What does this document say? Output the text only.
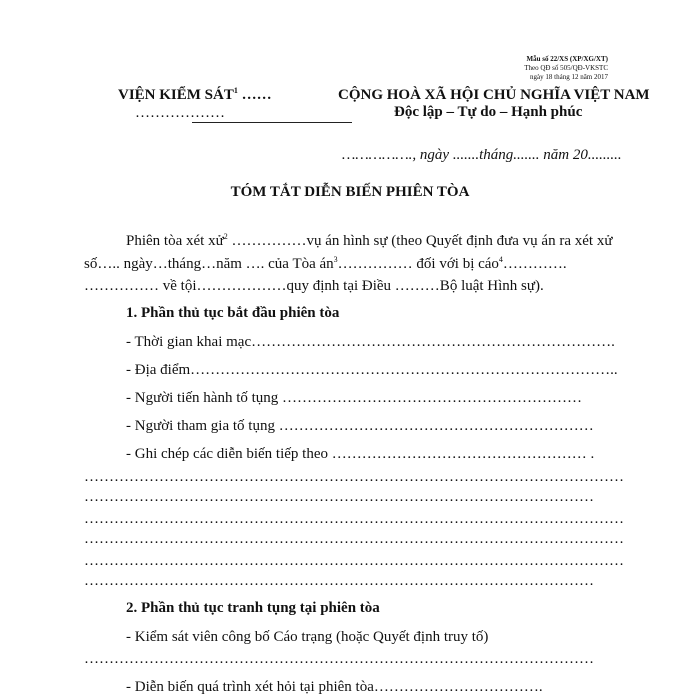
Mẫu số 22/XS (XP/XG/XT)
Theo QĐ số 505/QĐ-VKSTC
ngày 18 tháng 12 năm 2017
VIỆN KIỂM SÁT$^1$ ……
………………
CỘNG HOÀ XÃ HỘI CHỦ NGHĨA VIỆT NAM
Độc lập – Tự do – Hạnh phúc
……………., ngày .......tháng....... năm 20.........
TÓM TẮT DIỄN BIẾN PHIÊN TÒA
Phiên tòa xét xử$^2$ ……………vụ án hình sự (theo Quyết định đưa vụ án ra xét xử
số….. ngày…tháng…năm …. của Tòa $án^3\dots\dots\dots\dots\dots$ đối với bị cáo$^4$………….
…………… về tội………………quy định tại Điều ………Bộ luật Hình sự).
1. Phần thủ tục bắt đầu phiên tòa
- Thời gian khai mạc……………………………………………………………….
- Địa điểm…………………………………………………………………………..
- Người tiến hành tố tụng ……………………………………………………
- Người tham gia tố tụng ………………………………………………………
- Ghi chép các diễn biến tiếp theo …………………………………………… .
………………………………………………………………………………………………
…………………………………………………………………………………………
………………………………………………………………………………………………
………………………………………………………………………………………………
………………………………………………………………………………………………
…………………………………………………………………………………………
2. Phần thủ tục tranh tụng tại phiên tòa
- Kiểm sát viên công bố Cáo trạng (hoặc Quyết định truy tố)
…………………………………………………………………………………………
- Diễn biến quá trình xét hỏi tại phiên tòa…………………………….
